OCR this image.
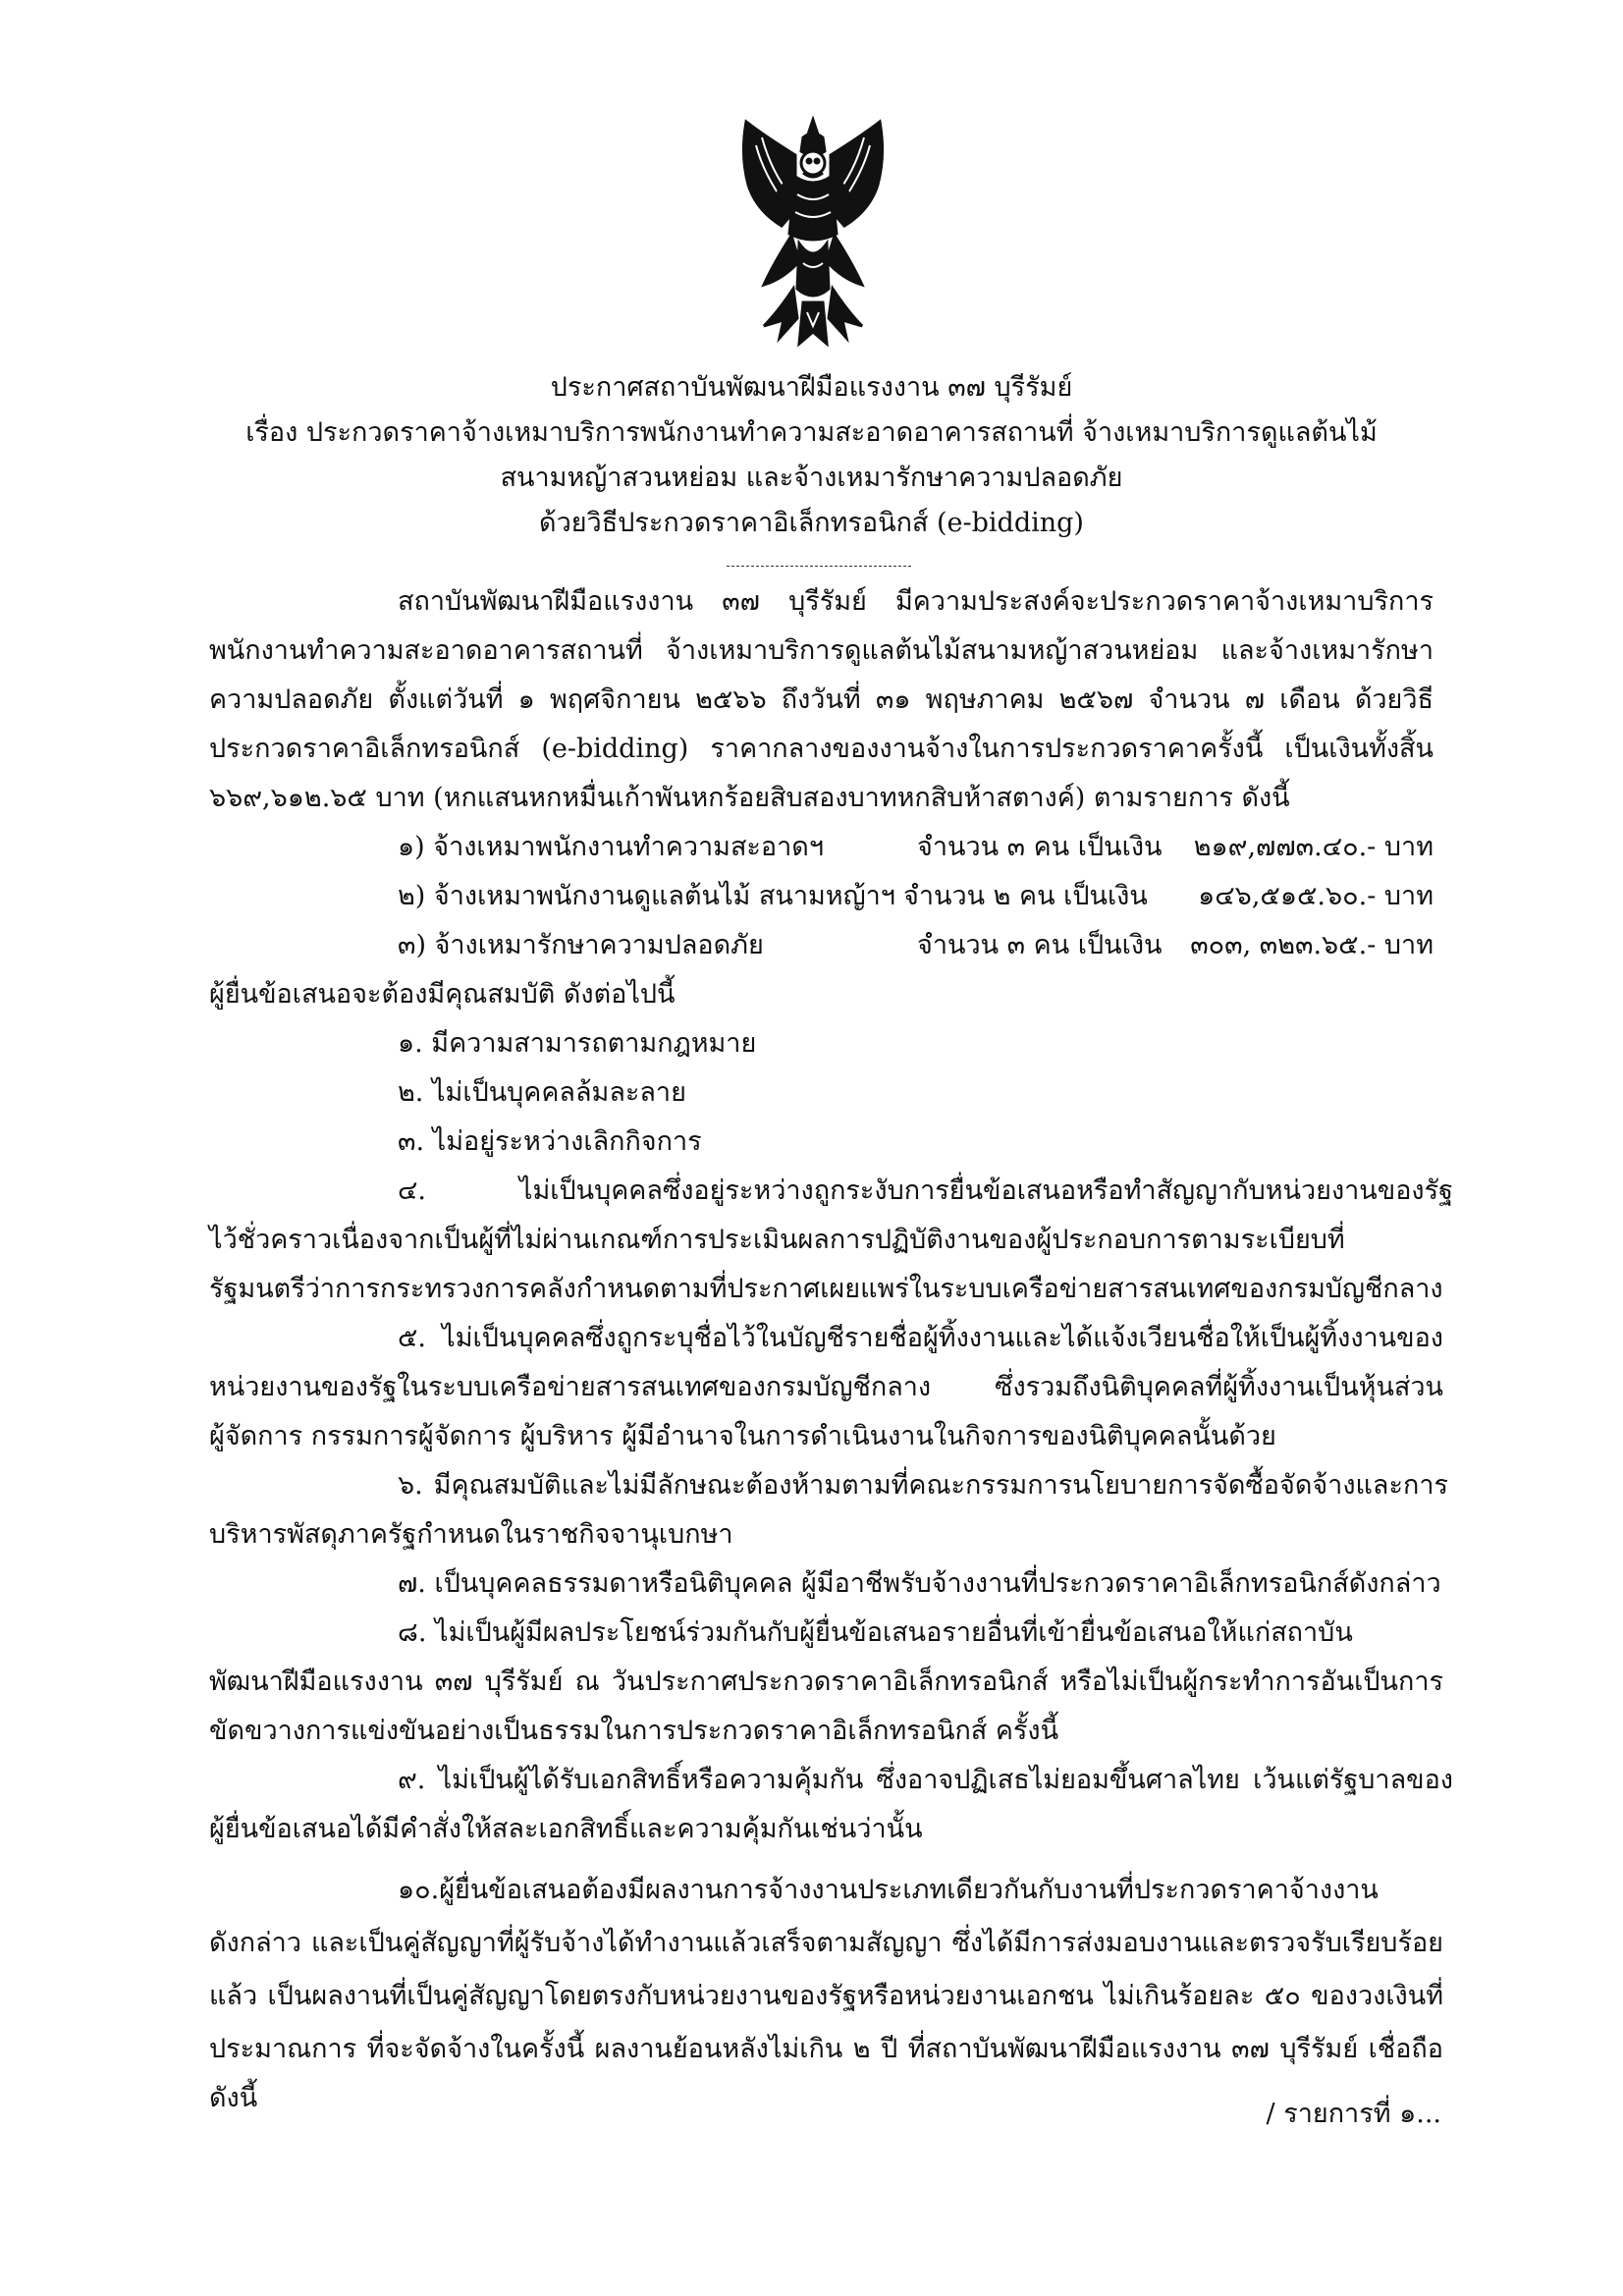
ประกาศสถาบันพัฒนาฝีมือแรงงาน ๓๗ บุรีรัมย์
เรื่อง ประกวดราคาจ้างเหมาบริการพนักงานทำความสะอาดอาคารสถานที่ จ้างเหมาบริการดูแลต้นไม้
สนามหญ้าสวนหย่อม และจ้างเหมารักษาความปลอดภัย
ด้วยวิธีประกวดราคาอิเล็กทรอนิกส์ (e-bidding)
สถาบันพัฒนาฝีมือแรงงาน ๓๗ บุรีรัมย์ มีความประสงค์จะประกวดราคาจ้างเหมาบริการ
พนักงานทำความสะอาดอาคารสถานที่ จ้างเหมาบริการดูแลต้นไม้สนามหญ้าสวนหย่อม และจ้างเหมารักษา
ความปลอดภัย ตั้งแต่วันที่ ๑ พฤศจิกายน ๒๕๖๖ ถึงวันที่ ๓๑ พฤษภาคม ๒๕๖๗ จำนวน ๗ เดือน ด้วยวิธี
ประกวดราคาอิเล็กทรอนิกส์ (e-bidding) ราคากลางของงานจ้างในการประกวดราคาครั้งนี้ เป็นเงินทั้งสิ้น
๖๖๙,๖๑๒.๖๕ บาท (หกแสนหกหมื่นเก้าพันหกร้อยสิบสองบาทหกสิบห้าสตางค์) ตามรายการ ดังนี้
๑) จ้างเหมาพนักงานทำความสะอาดฯ	จำนวน ๓ คน เป็นเงิน	๒๑๙,๗๗๓.๔๐.- บาท
๒) จ้างเหมาพนักงานดูแลต้นไม้ สนามหญ้าฯ จำนวน ๒ คน เป็นเงิน	๑๔๖,๕๑๕.๖๐.- บาท
๓) จ้างเหมารักษาความปลอดภัย	จำนวน ๓ คน เป็นเงิน	๓๐๓, ๓๒๓.๖๕.- บาท
ผู้ยื่นข้อเสนอจะต้องมีคุณสมบัติ ดังต่อไปนี้
๑. มีความสามารถตามกฎหมาย
๒. ไม่เป็นบุคคลล้มละลาย
๓. ไม่อยู่ระหว่างเลิกกิจการ
๔. ไม่เป็นบุคคลซึ่งอยู่ระหว่างถูกระงับการยื่นข้อเสนอหรือทำสัญญากับหน่วยงานของรัฐ
ไว้ชั่วคราวเนื่องจากเป็นผู้ที่ไม่ผ่านเกณฑ์การประเมินผลการปฏิบัติงานของผู้ประกอบการตามระเบียบที่
รัฐมนตรีว่าการกระทรวงการคลังกำหนดตามที่ประกาศเผยแพร่ในระบบเครือข่ายสารสนเทศของกรมบัญชีกลาง
๕. ไม่เป็นบุคคลซึ่งถูกระบุชื่อไว้ในบัญชีรายชื่อผู้ทิ้งงานและได้แจ้งเวียนชื่อให้เป็นผู้ทิ้งงานของ
หน่วยงานของรัฐในระบบเครือข่ายสารสนเทศของกรมบัญชีกลาง ซึ่งรวมถึงนิติบุคคลที่ผู้ทิ้งงานเป็นหุ้นส่วน
ผู้จัดการ กรรมการผู้จัดการ ผู้บริหาร ผู้มีอำนาจในการดำเนินงานในกิจการของนิติบุคคลนั้นด้วย
๖. มีคุณสมบัติและไม่มีลักษณะต้องห้ามตามที่คณะกรรมการนโยบายการจัดซื้อจัดจ้างและการ
บริหารพัสดุภาครัฐกำหนดในราชกิจจานุเบกษา
๗. เป็นบุคคลธรรมดาหรือนิติบุคคล ผู้มีอาชีพรับจ้างงานที่ประกวดราคาอิเล็กทรอนิกส์ดังกล่าว
๘. ไม่เป็นผู้มีผลประโยชน์ร่วมกันกับผู้ยื่นข้อเสนอรายอื่นที่เข้ายื่นข้อเสนอให้แก่สถาบัน
พัฒนาฝีมือแรงงาน ๓๗ บุรีรัมย์ ณ วันประกาศประกวดราคาอิเล็กทรอนิกส์ หรือไม่เป็นผู้กระทำการอันเป็นการ
ขัดขวางการแข่งขันอย่างเป็นธรรมในการประกวดราคาอิเล็กทรอนิกส์ ครั้งนี้
๙. ไม่เป็นผู้ได้รับเอกสิทธิ์หรือความคุ้มกัน ซึ่งอาจปฏิเสธไม่ยอมขึ้นศาลไทย เว้นแต่รัฐบาลของ
ผู้ยื่นข้อเสนอได้มีคำสั่งให้สละเอกสิทธิ์และความคุ้มกันเช่นว่านั้น
๑๐.ผู้ยื่นข้อเสนอต้องมีผลงานการจ้างงานประเภทเดียวกันกับงานที่ประกวดราคาจ้างงาน
ดังกล่าว และเป็นคู่สัญญาที่ผู้รับจ้างได้ทำงานแล้วเสร็จตามสัญญา ซึ่งได้มีการส่งมอบงานและตรวจรับเรียบร้อย
แล้ว เป็นผลงานที่เป็นคู่สัญญาโดยตรงกับหน่วยงานของรัฐหรือหน่วยงานเอกชน ไม่เกินร้อยละ ๕๐ ของวงเงินที่
ประมาณการ ที่จะจัดจ้างในครั้งนี้ ผลงานย้อนหลังไม่เกิน ๒ ปี ที่สถาบันพัฒนาฝีมือแรงงาน ๓๗ บุรีรัมย์ เชื่อถือ
ดังนี้
/ รายการที่ ๑...
